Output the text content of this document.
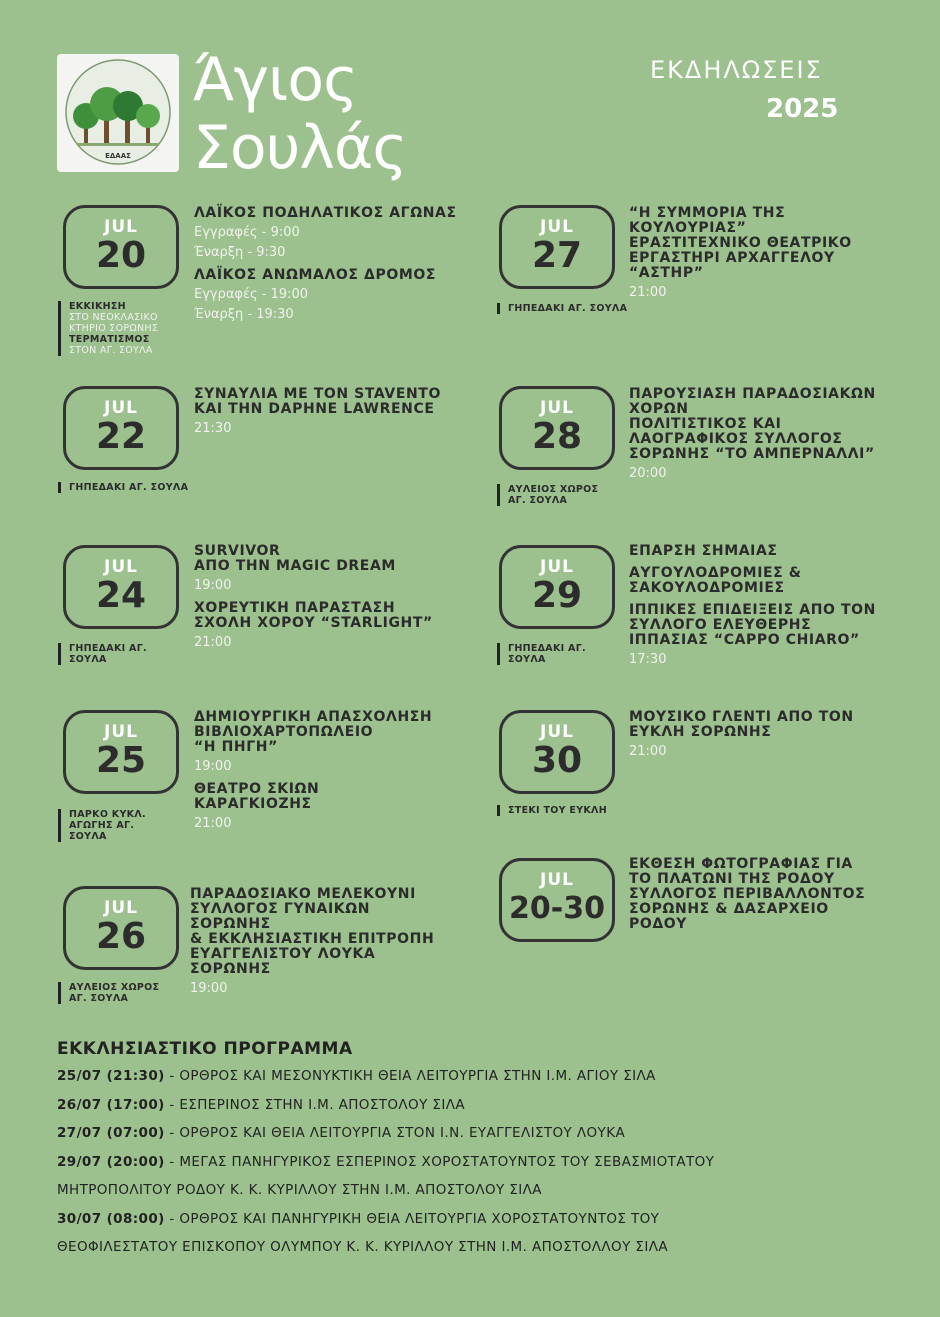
ΕΔΑΑΣ
Άγιος
Σουλάς
ΕΚΔΗΛΩΣΕΙΣ
2025
JUL
20
ΕΚΚΙΚΗΣΗ
ΣΤΟ ΝΕΟΚΛΑΣΙΚΟ
ΚΤΗΡΙΟ ΣΟΡΩΝΗΣ
ΤΕΡΜΑΤΙΣΜΟΣ
ΣΤΟΝ ΑΓ. ΣΟΥΛΑ
ΛΑΪΚΟΣ ΠΟΔΗΛΑΤΙΚΟΣ ΑΓΩΝΑΣ
Εγγραφές - 9:00
Έναρξη - 9:30
ΛΑΪΚΟΣ ΑΝΩΜΑΛΟΣ ΔΡΟΜΟΣ
Εγγραφές - 19:00
Έναρξη - 19:30
JUL
27
ΓΗΠΕΔΑΚΙ ΑΓ. ΣΟΥΛΑ
“Η ΣΥΜΜΟΡΙΑ ΤΗΣ
ΚΟΥΛΟΥΡΙΑΣ”
ΕΡΑΣΤΙΤΕΧΝΙΚΟ ΘΕΑΤΡΙΚΟ
ΕΡΓΑΣΤΗΡΙ ΑΡΧΑΓΓΕΛΟΥ
“ΑΣΤΗΡ”
21:00
JUL
22
ΓΗΠΕΔΑΚΙ ΑΓ. ΣΟΥΛΑ
ΣΥΝΑΥΛΙΑ ΜΕ ΤΟΝ STAVENTO
ΚΑΙ ΤΗΝ DAPHNE LAWRENCE
21:30
JUL
28
ΑΥΛΕΙΟΣ ΧΩΡΟΣ
ΑΓ. ΣΟΥΛΑ
ΠΑΡΟΥΣΙΑΣΗ ΠΑΡΑΔΟΣΙΑΚΩΝ
ΧΟΡΩΝ
ΠΟΛΙΤΙΣΤΙΚΟΣ ΚΑΙ
ΛΑΟΓΡΑΦΙΚΟΣ ΣΥΛΛΟΓΟΣ
ΣΟΡΩΝΗΣ “ΤΟ ΑΜΠΕΡΝΑΛΛΙ”
20:00
JUL
24
ΓΗΠΕΔΑΚΙ ΑΓ.
ΣΟΥΛΑ
SURVIVOR
ΑΠΟ ΤΗΝ MAGIC DREAM
19:00
ΧΟΡΕΥΤΙΚΗ ΠΑΡΑΣΤΑΣΗ
ΣΧΟΛΗ ΧΟΡΟΥ “STARLIGHT”
21:00
JUL
29
ΓΗΠΕΔΑΚΙ ΑΓ.
ΣΟΥΛΑ
ΕΠΑΡΣΗ ΣΗΜΑΙΑΣ
ΑΥΓΟΥΛΟΔΡΟΜΙΕΣ &
ΣΑΚΟΥΛΟΔΡΟΜΙΕΣ
ΙΠΠΙΚΕΣ ΕΠΙΔΕΙΞΕΙΣ ΑΠΟ ΤΟΝ
ΣΥΛΛΟΓΟ ΕΛΕΥΘΕΡΗΣ
ΙΠΠΑΣΙΑΣ “CAPPO CHIARO”
17:30
JUL
25
ΠΑΡΚΟ ΚΥΚΛ.
ΑΓΩΓΗΣ ΑΓ.
ΣΟΥΛΑ
ΔΗΜΙΟΥΡΓΙΚΗ ΑΠΑΣΧΟΛΗΣΗ
ΒΙΒΛΙΟΧΑΡΤΟΠΩΛΕΙΟ
“Η ΠΗΓΗ”
19:00
ΘΕΑΤΡΟ ΣΚΙΩΝ
ΚΑΡΑΓΚΙΟΖΗΣ
21:00
JUL
30
ΣΤΕΚΙ ΤΟΥ ΕΥΚΛΗ
ΜΟΥΣΙΚΟ ΓΛΕΝΤΙ ΑΠΟ ΤΟΝ
ΕΥΚΛΗ ΣΟΡΩΝΗΣ
21:00
JUL
26
ΑΥΛΕΙΟΣ ΧΩΡΟΣ
ΑΓ. ΣΟΥΛΑ
ΠΑΡΑΔΟΣΙΑΚΟ ΜΕΛΕΚΟΥΝΙ
ΣΥΛΛΟΓΟΣ ΓΥΝΑΙΚΩΝ
ΣΟΡΩΝΗΣ
& ΕΚΚΛΗΣΙΑΣΤΙΚΗ ΕΠΙΤΡΟΠΗ
ΕΥΑΓΓΕΛΙΣΤΟΥ ΛΟΥΚΑ
ΣΟΡΩΝΗΣ
19:00
JUL
20-30
ΕΚΘΕΣΗ ΦΩΤΟΓΡΑΦΙΑΣ ΓΙΑ
ΤΟ ΠΛΑΤΩΝΙ ΤΗΣ ΡΟΔΟΥ
ΣΥΛΛΟΓΟΣ ΠΕΡΙΒΑΛΛΟΝΤΟΣ
ΣΟΡΩΝΗΣ & ΔΑΣΑΡΧΕΙΟ
ΡΟΔΟΥ
ΕΚΚΛΗΣΙΑΣΤΙΚΟ ΠΡΟΓΡΑΜΜΑ
25/07 (21:30) - ΟΡΘΡΟΣ ΚΑΙ ΜΕΣΟΝΥΚΤΙΚΗ ΘΕΙΑ ΛΕΙΤΟΥΡΓΙΑ ΣΤΗΝ Ι.Μ. ΑΓΙΟΥ ΣΙΛΑ
26/07 (17:00) - ΕΣΠΕΡΙΝΟΣ ΣΤΗΝ Ι.Μ. ΑΠΟΣΤΟΛΟΥ ΣΙΛΑ
27/07 (07:00) - ΟΡΘΡΟΣ ΚΑΙ ΘΕΙΑ ΛΕΙΤΟΥΡΓΙΑ ΣΤΟΝ Ι.Ν. ΕΥΑΓΓΕΛΙΣΤΟΥ ΛΟΥΚΑ
29/07 (20:00) - ΜΕΓΑΣ ΠΑΝΗΓΥΡΙΚΟΣ ΕΣΠΕΡΙΝΟΣ ΧΟΡΟΣΤΑΤΟΥΝΤΟΣ ΤΟΥ ΣΕΒΑΣΜΙΟΤΑΤΟΥ
ΜΗΤΡΟΠΟΛΙΤΟΥ ΡΟΔΟΥ Κ. Κ. ΚΥΡΙΛΛΟΥ ΣΤΗΝ Ι.Μ. ΑΠΟΣΤΟΛΟΥ ΣΙΛΑ
30/07 (08:00) - ΟΡΘΡΟΣ ΚΑΙ ΠΑΝΗΓΥΡΙΚΗ ΘΕΙΑ ΛΕΙΤΟΥΡΓΙΑ ΧΟΡΟΣΤΑΤΟΥΝΤΟΣ ΤΟΥ
ΘΕΟΦΙΛΕΣΤΑΤΟΥ ΕΠΙΣΚΟΠΟΥ ΟΛΥΜΠΟΥ Κ. Κ. ΚΥΡΙΛΛΟΥ ΣΤΗΝ Ι.Μ. ΑΠΟΣΤΟΛΛΟΥ ΣΙΛΑ
